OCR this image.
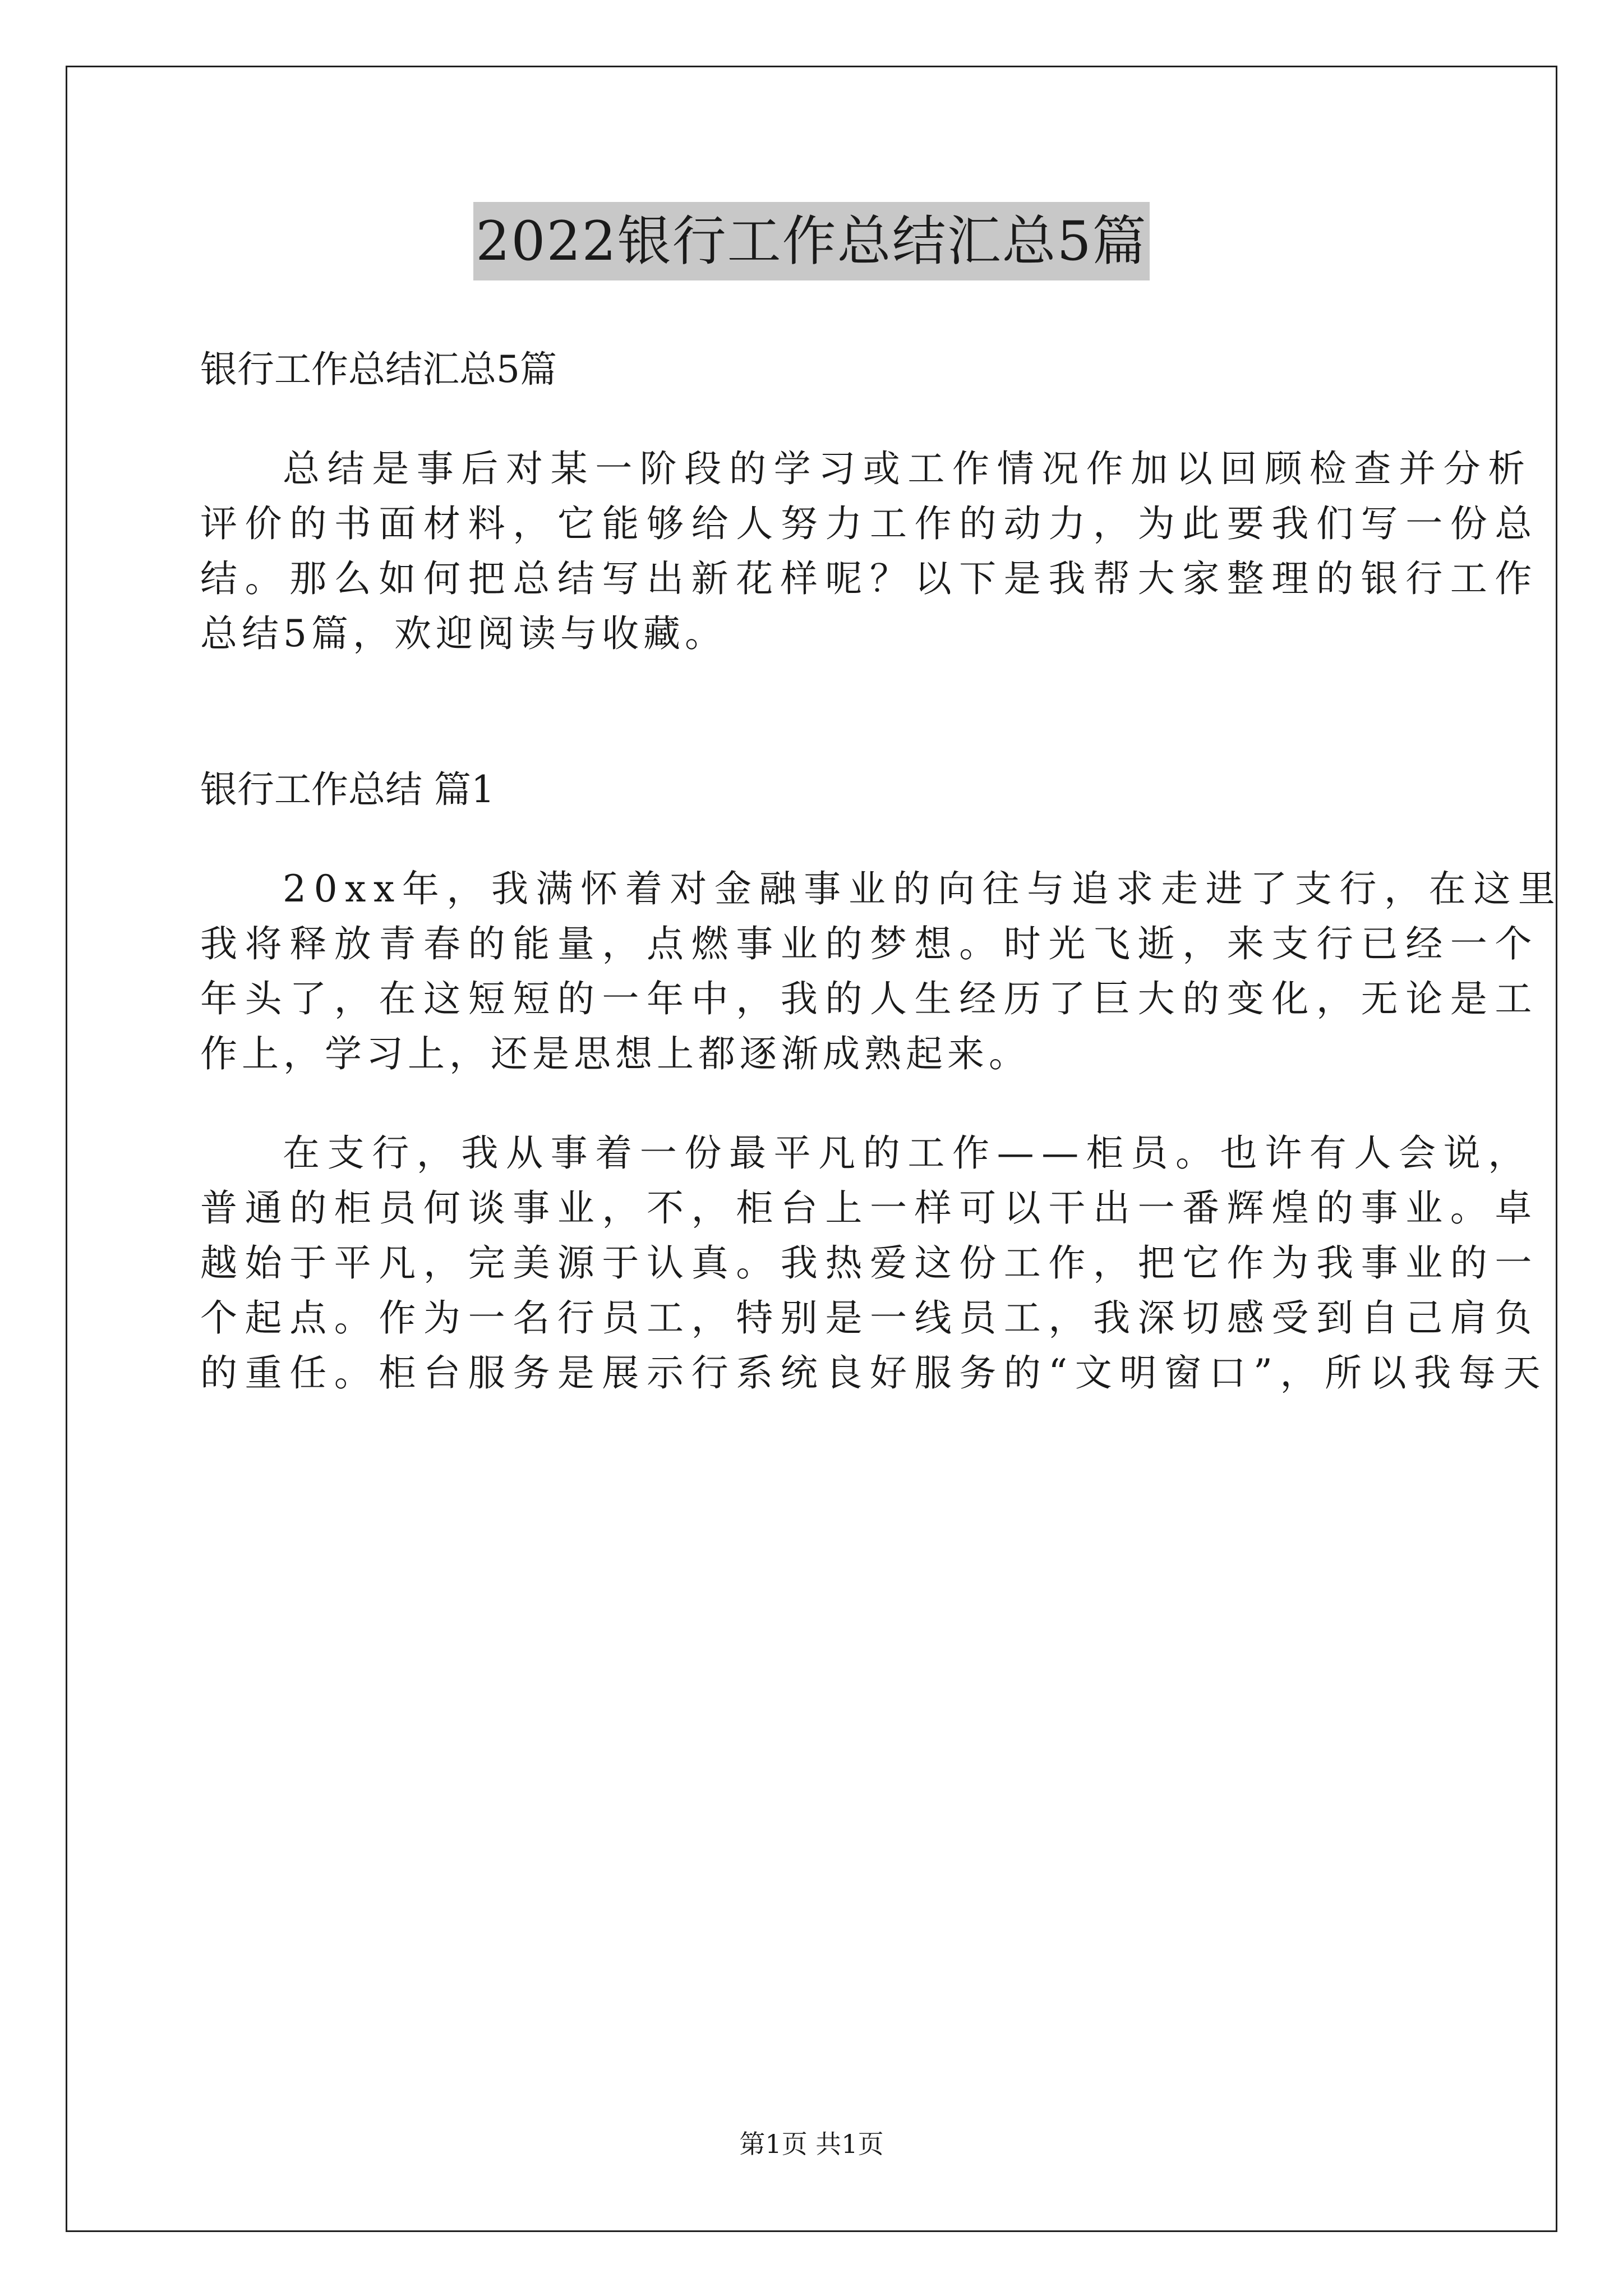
2022银行工作总结汇总5篇

银行工作总结汇总5篇

总结是事后对某一阶段的学习或工作情况作加以回顾检查并分析

评价的书面材料，它能够给人努力工作的动力，为此要我们写一份总

结。那么如何把总结写出新花样呢？以下是我帮大家整理的银行工作

总结5篇，欢迎阅读与收藏。

银行工作总结 篇1

20xx年，我满怀着对金融事业的向往与追求走进了支行，在这里

我将释放青春的能量，点燃事业的梦想。时光飞逝，来支行已经一个

年头了，在这短短的一年中，我的人生经历了巨大的变化，无论是工

作上，学习上，还是思想上都逐渐成熟起来。

在支行，我从事着一份最平凡的工作——柜员。也许有人会说，

普通的柜员何谈事业，不，柜台上一样可以干出一番辉煌的事业。卓

越始于平凡，完美源于认真。我热爱这份工作，把它作为我事业的一

个起点。作为一名行员工，特别是一线员工，我深切感受到自己肩负

的重任。柜台服务是展示行系统良好服务的“文明窗口”，所以我每天

第1页 共1页
